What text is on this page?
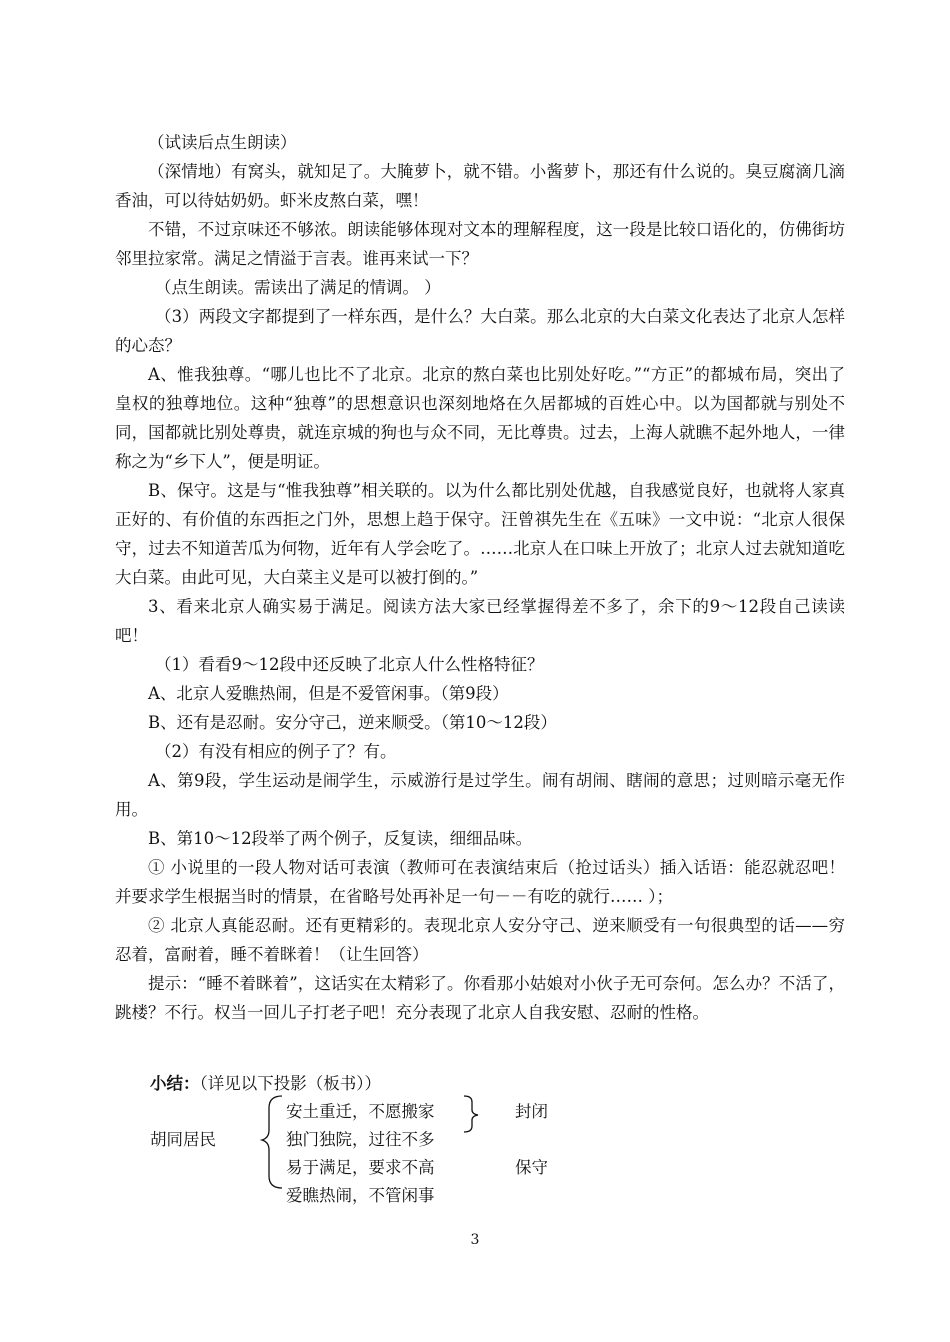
（试读后点生朗读）

（深情地）有窝头，就知足了。大腌萝卜，就不错。小酱萝卜，那还有什么说的。臭豆腐滴几滴香油，可以待姑奶奶。虾米皮熬白菜，嘿！

不错，不过京味还不够浓。朗读能够体现对文本的理解程度，这一段是比较口语化的，仿佛街坊邻里拉家常。满足之情溢于言表。谁再来试一下？

（点生朗读。需读出了满足的情调。 ）

（3）两段文字都提到了一样东西，是什么？大白菜。那么北京的大白菜文化表达了北京人怎样的心态？

A、惟我独尊。“哪儿也比不了北京。北京的熬白菜也比别处好吃。”“方正”的都城布局，突出了皇权的独尊地位。这种“独尊”的思想意识也深刻地烙在久居都城的百姓心中。以为国都就与别处不同，国都就比别处尊贵，就连京城的狗也与众不同，无比尊贵。过去，上海人就瞧不起外地人，一律称之为“乡下人”，便是明证。

B、保守。这是与“惟我独尊”相关联的。以为什么都比别处优越，自我感觉良好，也就将人家真正好的、有价值的东西拒之门外，思想上趋于保守。汪曾祺先生在《五味》一文中说：“北京人很保守，过去不知道苦瓜为何物，近年有人学会吃了。……北京人在口味上开放了；北京人过去就知道吃大白菜。由此可见，大白菜主义是可以被打倒的。”

3、看来北京人确实易于满足。阅读方法大家已经掌握得差不多了，余下的9～12段自己读读吧！

（1）看看9～12段中还反映了北京人什么性格特征？

A、北京人爱瞧热闹，但是不爱管闲事。（第9段）

B、还有是忍耐。安分守己，逆来顺受。（第10～12段）

（2）有没有相应的例子了？有。

A、第9段，学生运动是闹学生，示威游行是过学生。闹有胡闹、瞎闹的意思；过则暗示毫无作用。

B、第10～12段举了两个例子，反复读，细细品味。

① 小说里的一段人物对话可表演（教师可在表演结束后（抢过话头）插入话语：能忍就忍吧！并要求学生根据当时的情景，在省略号处再补足一句－－有吃的就行…… ）；

② 北京人真能忍耐。还有更精彩的。表现北京人安分守己、逆来顺受有一句很典型的话——穷忍着，富耐着，睡不着眯着！（让生回答）

提示：“睡不着眯着”，这话实在太精彩了。你看那小姑娘对小伙子无可奈何。怎么办？不活了，跳楼？不行。权当一回儿子打老子吧！充分表现了北京人自我安慰、忍耐的性格。

小结：（详见以下投影（板书））
胡同居民
安土重迁，不愿搬家
独门独院，过往不多
易于满足，要求不高
爱瞧热闹，不管闲事
封闭
保守
3
